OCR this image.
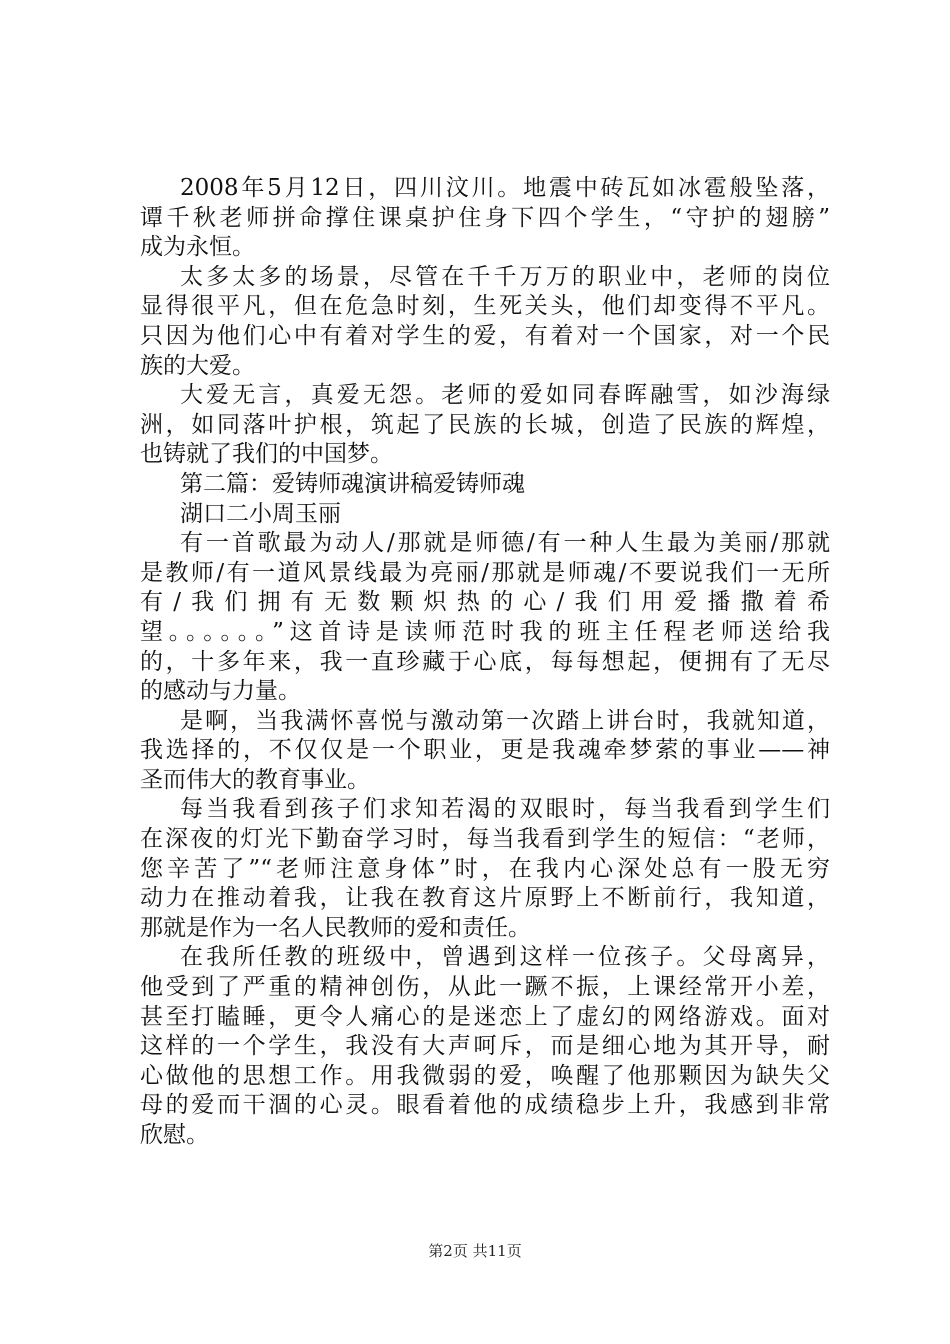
2008年5月12日，四川汶川。地震中砖瓦如冰雹般坠落，
谭千秋老师拼命撑住课桌护住身下四个学生，“守护的翅膀”
成为永恒。
太多太多的场景，尽管在千千万万的职业中，老师的岗位
显得很平凡，但在危急时刻，生死关头，他们却变得不平凡。
只因为他们心中有着对学生的爱，有着对一个国家，对一个民
族的大爱。
大爱无言，真爱无怨。老师的爱如同春晖融雪，如沙海绿
洲，如同落叶护根，筑起了民族的长城，创造了民族的辉煌，
也铸就了我们的中国梦。
第二篇：爱铸师魂演讲稿爱铸师魂
湖口二小周玉丽
有一首歌最为动人/那就是师德/有一种人生最为美丽/那就
是教师/有一道风景线最为亮丽/那就是师魂/不要说我们一无所
有/我们拥有无数颗炽热的心/我们用爱播撒着希
望。。。。。。”这首诗是读师范时我的班主任程老师送给我
的，十多年来，我一直珍藏于心底，每每想起，便拥有了无尽
的感动与力量。
是啊，当我满怀喜悦与激动第一次踏上讲台时，我就知道，
我选择的，不仅仅是一个职业，更是我魂牵梦萦的事业——神
圣而伟大的教育事业。
每当我看到孩子们求知若渴的双眼时，每当我看到学生们
在深夜的灯光下勤奋学习时，每当我看到学生的短信：“老师，
您辛苦了”“老师注意身体”时，在我内心深处总有一股无穷
动力在推动着我，让我在教育这片原野上不断前行，我知道，
那就是作为一名人民教师的爱和责任。
在我所任教的班级中，曾遇到这样一位孩子。父母离异，
他受到了严重的精神创伤，从此一蹶不振，上课经常开小差，
甚至打瞌睡，更令人痛心的是迷恋上了虚幻的网络游戏。面对
这样的一个学生，我没有大声呵斥，而是细心地为其开导，耐
心做他的思想工作。用我微弱的爱，唤醒了他那颗因为缺失父
母的爱而干涸的心灵。眼看着他的成绩稳步上升，我感到非常
欣慰。
第2页 共11页
